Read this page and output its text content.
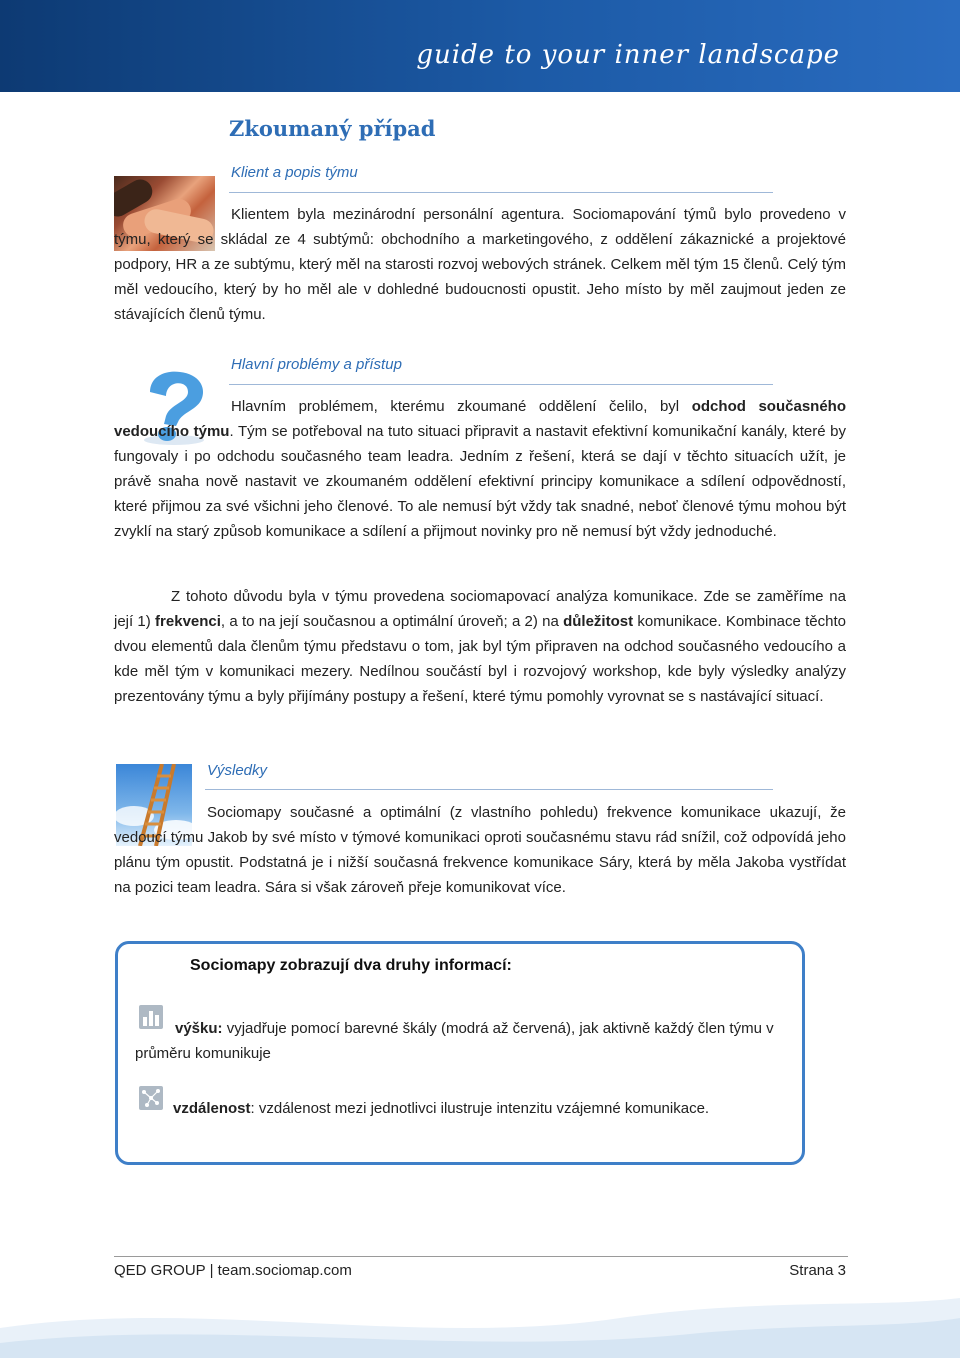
guide to your inner landscape
Zkoumaný případ
Klient a popis týmu

Klientem byla mezinárodní personální agentura. Sociomapování týmů bylo provedeno v týmu, který se skládal ze 4 subtýmů: obchodního a marketingového, z oddělení zákaznické a projektové podpory, HR a ze subtýmu, který měl na starosti rozvoj webových stránek. Celkem měl tým 15 členů. Celý tým měl vedoucího, který by ho měl ale v dohledné budoucnosti opustit. Jeho místo by měl zaujmout jeden ze stávajících členů týmu.

Hlavní problémy a přístup

Hlavním problémem, kterému zkoumané oddělení čelilo, byl odchod současného vedoucího týmu. Tým se potřeboval na tuto situaci připravit a nastavit efektivní komunikační kanály, které by fungovaly i po odchodu současného team leadra. Jedním z řešení, která se dají v těchto situacích užít, je právě snaha nově nastavit ve zkoumaném oddělení efektivní principy komunikace a sdílení odpovědností, které přijmou za své všichni jeho členové. To ale nemusí být vždy tak snadné, neboť členové týmu mohou být zvyklí na starý způsob komunikace a sdílení a přijmout novinky pro ně nemusí být vždy jednoduché.

Z tohoto důvodu byla v týmu provedena sociomapovací analýza komunikace. Zde se zaměříme na její 1) frekvenci, a to na její současnou a optimální úroveň; a 2) na důležitost komunikace. Kombinace těchto dvou elementů dala členům týmu představu o tom, jak byl tým připraven na odchod současného vedoucího a kde měl tým v komunikaci mezery. Nedílnou součástí byl i rozvojový workshop, kde byly výsledky analýzy prezentovány týmu a byly přijímány postupy a řešení, které týmu pomohly vyrovnat se s nastávající situací.

Výsledky

Sociomapy současné a optimální (z vlastního pohledu) frekvence komunikace ukazují, že vedoucí týmu Jakob by své místo v týmové komunikaci oproti současnému stavu rád snížil, což odpovídá jeho plánu tým opustit. Podstatná je i nižší současná frekvence komunikace Sáry, která by měla Jakoba vystřídat na pozici team leadra. Sára si však zároveň přeje komunikovat více.

Sociomapy zobrazují dva druhy informací:
výšku: vyjadřuje pomocí barevné škály (modrá až červená), jak aktivně každý člen týmu v průměru komunikuje
vzdálenost: vzdálenost mezi jednotlivci ilustruje intenzitu vzájemné komunikace.
QED GROUP | team.sociomap.com	Strana 3
